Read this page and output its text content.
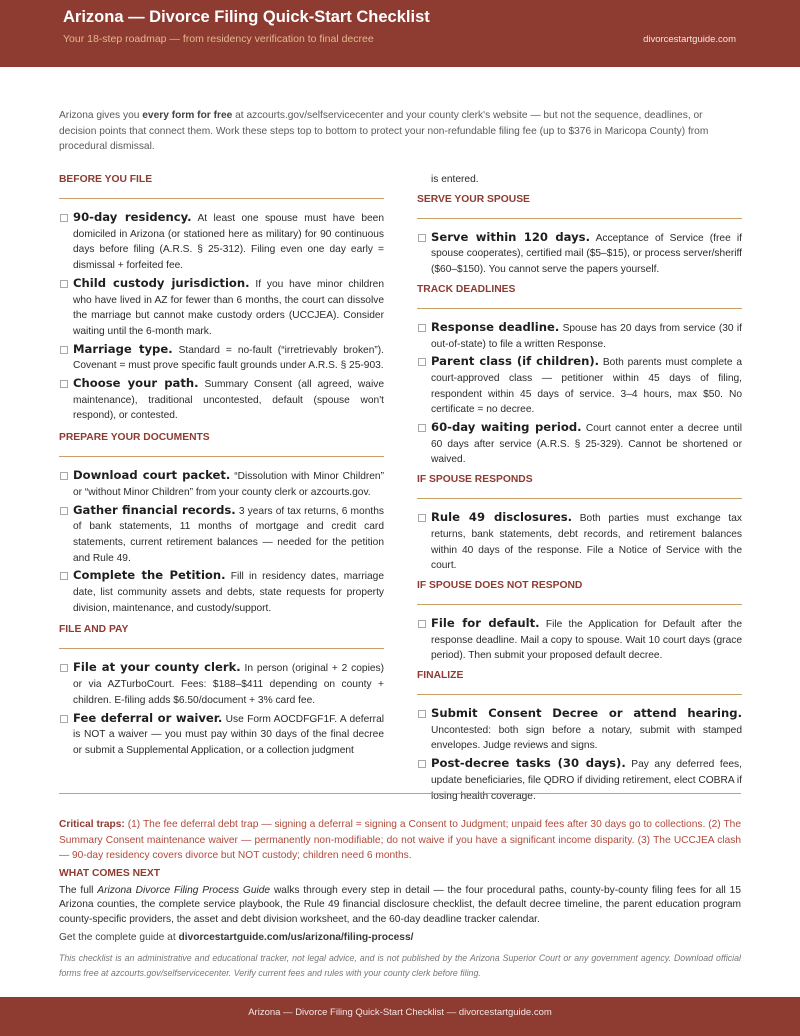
Arizona — Divorce Filing Quick-Start Checklist
Your 18-step roadmap — from residency verification to final decree	divorcestartguide.com
Arizona gives you every form for free at azcourts.gov/selfservicecenter and your county clerk's website — but not the sequence, deadlines, or decision points that connect them. Work these steps top to bottom to protect your non-refundable filing fee (up to $376 in Maricopa County) from procedural dismissal.
BEFORE YOU FILE
90-day residency. At least one spouse must have been domiciled in Arizona (or stationed here as military) for 90 continuous days before filing (A.R.S. § 25-312). Filing even one day early = dismissal + forfeited fee.
Child custody jurisdiction. If you have minor children who have lived in AZ for fewer than 6 months, the court can dissolve the marriage but cannot make custody orders (UCCJEA). Consider waiting until the 6-month mark.
Marriage type. Standard = no-fault (“irretrievably broken”). Covenant = must prove specific fault grounds under A.R.S. § 25-903.
Choose your path. Summary Consent (all agreed, waive maintenance), traditional uncontested, default (spouse won't respond), or contested.
PREPARE YOUR DOCUMENTS
Download court packet. “Dissolution with Minor Children” or “without Minor Children” from your county clerk or azcourts.gov.
Gather financial records. 3 years of tax returns, 6 months of bank statements, 11 months of mortgage and credit card statements, current retirement balances — needed for the petition and Rule 49.
Complete the Petition. Fill in residency dates, marriage date, list community assets and debts, state requests for property division, maintenance, and custody/support.
FILE AND PAY
File at your county clerk. In person (original + 2 copies) or via AZTurboCourt. Fees: $188–$411 depending on county + children. E-filing adds $6.50/document + 3% card fee.
Fee deferral or waiver. Use Form AOCDFGF1F. A deferral is NOT a waiver — you must pay within 30 days of the final decree or submit a Supplemental Application, or a collection judgment
is entered.
SERVE YOUR SPOUSE
Serve within 120 days. Acceptance of Service (free if spouse cooperates), certified mail ($5–$15), or process server/sheriff ($60–$150). You cannot serve the papers yourself.
TRACK DEADLINES
Response deadline. Spouse has 20 days from service (30 if out-of-state) to file a written Response.
Parent class (if children). Both parents must complete a court-approved class — petitioner within 45 days of filing, respondent within 45 days of service. 3–4 hours, max $50. No certificate = no decree.
60-day waiting period. Court cannot enter a decree until 60 days after service (A.R.S. § 25-329). Cannot be shortened or waived.
IF SPOUSE RESPONDS
Rule 49 disclosures. Both parties must exchange tax returns, bank statements, debt records, and retirement balances within 40 days of the response. File a Notice of Service with the court.
IF SPOUSE DOES NOT RESPOND
File for default. File the Application for Default after the response deadline. Mail a copy to spouse. Wait 10 court days (grace period). Then submit your proposed default decree.
FINALIZE
Submit Consent Decree or attend hearing. Uncontested: both sign before a notary, submit with stamped envelopes. Judge reviews and signs.
Post-decree tasks (30 days). Pay any deferred fees, update beneficiaries, file QDRO if dividing retirement, elect COBRA if losing health coverage.
Critical traps: (1) The fee deferral debt trap — signing a deferral = signing a Consent to Judgment; unpaid fees after 30 days go to collections. (2) The Summary Consent maintenance waiver — permanently non-modifiable; do not waive if you have a significant income disparity. (3) The UCCJEA clash — 90-day residency covers divorce but NOT custody; children need 6 months.
WHAT COMES NEXT
The full Arizona Divorce Filing Process Guide walks through every step in detail — the four procedural paths, county-by-county filing fees for all 15 Arizona counties, the complete service playbook, the Rule 49 financial disclosure checklist, the default decree timeline, the parent education program county-specific providers, the asset and debt division worksheet, and the 60-day deadline tracker calendar.
Get the complete guide at divorcestartguide.com/us/arizona/filing-process/
This checklist is an administrative and educational tracker, not legal advice, and is not published by the Arizona Superior Court or any government agency. Download official forms free at azcourts.gov/selfservicecenter. Verify current fees and rules with your county clerk before filing.
Arizona — Divorce Filing Quick-Start Checklist — divorcestartguide.com
